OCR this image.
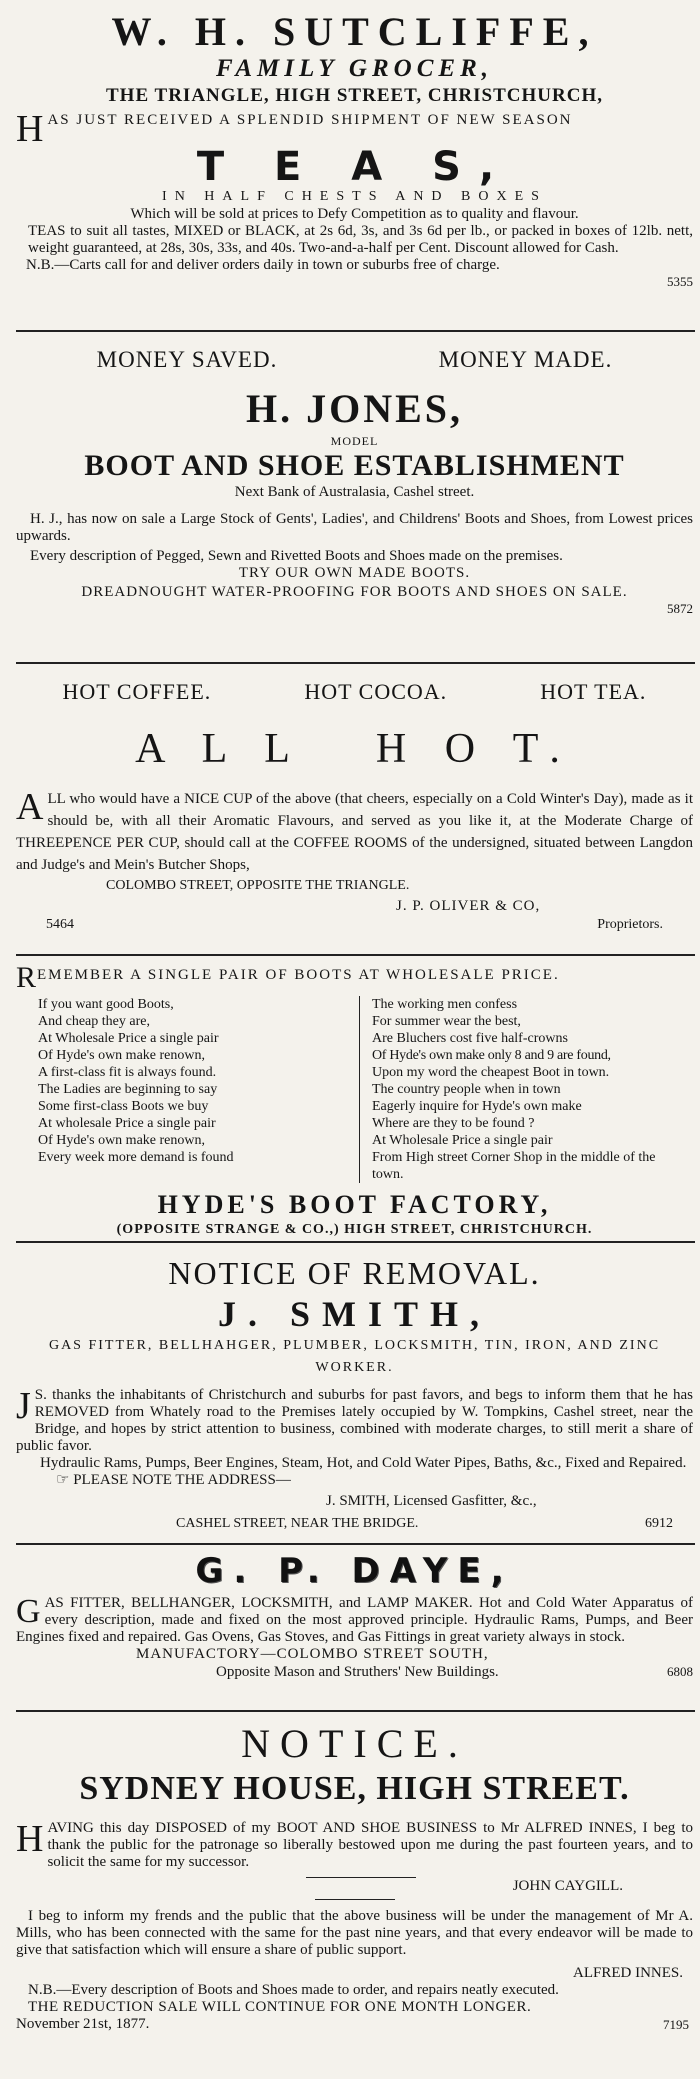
W. H. SUTCLIFFE,
FAMILY GROCER,
THE TRIANGLE, HIGH STREET, CHRISTCHURCH,
H AS JUST RECEIVED A SPLENDID SHIPMENT OF NEW SEASON
T E A S,
IN HALF CHESTS AND BOXES
Which will be sold at prices to Defy Competition as to quality and flavour.
TEAS to suit all tastes, MIXED or BLACK, at 2s 6d, 3s, and 3s 6d per lb., or packed in boxes of 12lb. nett, weight guaranteed, at 28s, 30s, 33s, and 40s. Two-and-a-half per Cent. Discount allowed for Cash.
N.B.—Carts call for and deliver orders daily in town or suburbs free of charge.
5355
MONEY SAVED.	MONEY MADE.
H. JONES,
MODEL
BOOT AND SHOE ESTABLISHMENT
Next Bank of Australasia, Cashel street.
H. J., has now on sale a Large Stock of Gents', Ladies', and Childrens' Boots and Shoes, from Lowest prices upwards.
Every description of Pegged, Sewn and Rivetted Boots and Shoes made on the premises.
TRY OUR OWN MADE BOOTS.
DREADNOUGHT WATER-PROOFING FOR BOOTS AND SHOES ON SALE.
5872
HOT COFFEE.	HOT COCOA.	HOT TEA.
A L L   H O T.
A LL who would have a NICE CUP of the above (that cheers, especially on a Cold Winter's Day), made as it should be, with all their Aromatic Flavours, and served as you like it, at the Moderate Charge of THREEPENCE PER CUP, should call at the COFFEE ROOMS of the undersigned, situated between Langdon and Judge's and Mein's Butcher Shops,
COLOMBO STREET, OPPOSITE THE TRIANGLE.
J. P. OLIVER & CO,
5464	Proprietors.
R EMEMBER A SINGLE PAIR OF BOOTS AT WHOLESALE PRICE.

If you want good Boots,

And cheap they are,

At Wholesale Price a single pair

Of Hyde's own make renown,

A first-class fit is always found.

The Ladies are beginning to say

Some first-class Boots we buy

At wholesale Price a single pair

Of Hyde's own make renown,

Every week more demand is found

The working men confess

For summer wear the best,

Are Bluchers cost five half-crowns

Of Hyde's own make only 8 and 9 are found,

Upon my word the cheapest Boot in town.

The country people when in town

Eagerly inquire for Hyde's own make

Where are they to be found ?

At Wholesale Price a single pair

From High street Corner Shop in the middle of the town.

HYDE'S BOOT FACTORY,
(OPPOSITE STRANGE & CO.,) HIGH STREET, CHRISTCHURCH.
NOTICE OF REMOVAL.
J. SMITH,
GAS FITTER, BELLHAHGER, PLUMBER, LOCKSMITH, TIN, IRON, AND ZINC WORKER.
J S. thanks the inhabitants of Christchurch and suburbs for past favors, and begs to inform them that he has REMOVED from Whately road to the Premises lately occupied by W. Tompkins, Cashel street, near the Bridge, and hopes by strict attention to business, combined with moderate charges, to still merit a share of public favor.
Hydraulic Rams, Pumps, Beer Engines, Steam, Hot, and Cold Water Pipes, Baths, &c., Fixed and Repaired.
☞ PLEASE NOTE THE ADDRESS—
J. SMITH, Licensed Gasfitter, &c.,
CASHEL STREET, NEAR THE BRIDGE.	6912
G. P. DAYE,
G AS FITTER, BELLHANGER, LOCKSMITH, and LAMP MAKER. Hot and Cold Water Apparatus of every description, made and fixed on the most approved principle. Hydraulic Rams, Pumps, and Beer Engines fixed and repaired. Gas Ovens, Gas Stoves, and Gas Fittings in great variety always in stock.
MANUFACTORY—COLOMBO STREET SOUTH,
Opposite Mason and Struthers' New Buildings.	6808
NOTICE.
SYDNEY HOUSE, HIGH STREET.
H AVING this day DISPOSED of my BOOT AND SHOE BUSINESS to Mr ALFRED INNES, I beg to thank the public for the patronage so liberally bestowed upon me during the past fourteen years, and to solicit the same for my successor.
JOHN CAYGILL.
I beg to inform my frends and the public that the above business will be under the management of Mr A. Mills, who has been connected with the same for the past nine years, and that every endeavor will be made to give that satisfaction which will ensure a share of public support.
ALFRED INNES.
N.B.—Every description of Boots and Shoes made to order, and repairs neatly executed.
THE REDUCTION SALE WILL CONTINUE FOR ONE MONTH LONGER.
November 21st, 1877.	7195
